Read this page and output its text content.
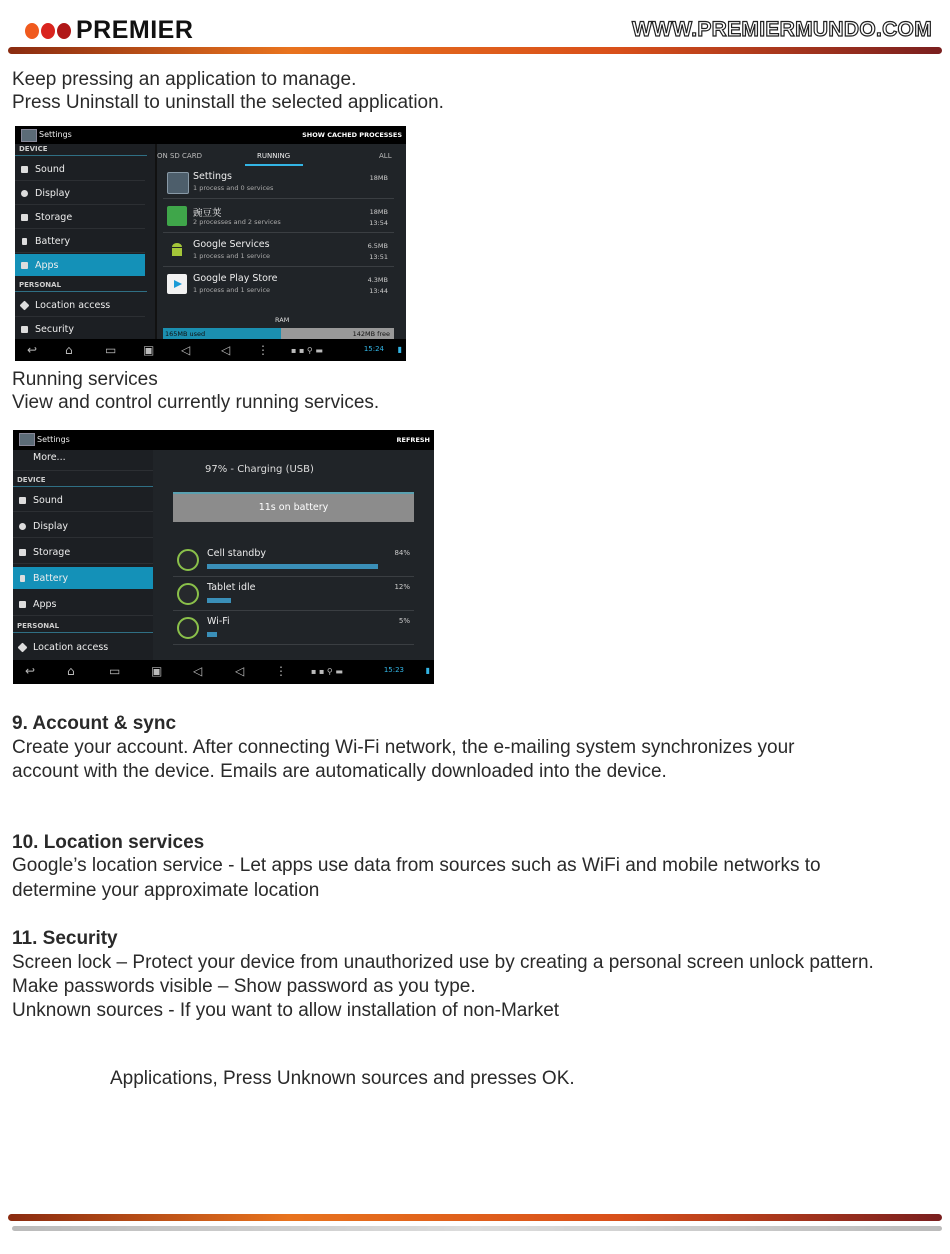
PREMIER	WWW.PREMIERMUNDO.COM
Keep pressing an application to manage.
Press Uninstall to uninstall the selected application.
Settings	SHOW CACHED PROCESSES
DEVICE
Sound
Display
Storage
Battery
Apps
PERSONAL
Location access
Security
ON SD CARD	RUNNING	ALL
Settings
1 process and 0 services
18MB
豌豆荚
2 processes and 2 services
18MB
13:54
Google Services
1 process and 1 service
6.5MB
13:51
Google Play Store
1 process and 1 service
4.3MB
13:44
RAM
165MB used	142MB free
↩ ⌂	▭ ▣ ◁	◁ ⋮	▪ ▪ ⚲ ▬	15:24 ▮
Running services
View and control currently running services.
Settings	REFRESH
More...
DEVICE
Sound
Display
Storage
Battery
Apps
PERSONAL
Location access
97% - Charging (USB)
11s on battery
Cell standby	84%
Tablet idle	12%
Wi-Fi	5%
↩	⌂	▭	▣	◁	◁	⋮	▪ ▪ ⚲ ▬	15:23	▮
9. Account & sync
Create your account. After connecting Wi-Fi network, the e-mailing system synchronizes your
account with the device. Emails are automatically downloaded into the device.
10. Location services
Google’s location service - Let apps use data from sources such as WiFi and mobile networks to
determine your approximate location
11. Security
Screen lock – Protect your device from unauthorized use by creating a personal screen unlock pattern.
Make passwords visible – Show password as you type.
Unknown sources - If you want to allow installation of non-Market
Applications, Press Unknown sources and presses OK.
